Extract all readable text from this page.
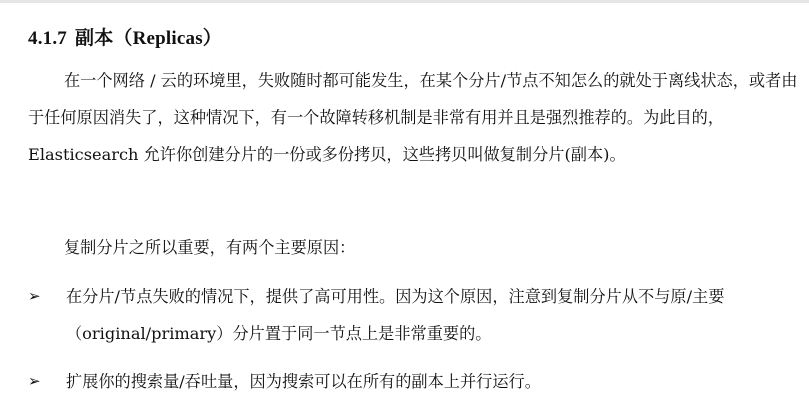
4.1.7 副本（Replicas）

在一个网络 / 云的环境里，失败随时都可能发生，在某个分片/节点不知怎么的就处于离线状态，或者由于任何原因消失了，这种情况下，有一个故障转移机制是非常有用并且是强烈推荐的。为此目的，Elasticsearch 允许你创建分片的一份或多份拷贝，这些拷贝叫做复制分片(副本)。

复制分片之所以重要，有两个主要原因：

➢	在分片/节点失败的情况下，提供了高可用性。因为这个原因，注意到复制分片从不与原/主要（original/primary）分片置于同一节点上是非常重要的。
➢	扩展你的搜索量/吞吐量，因为搜索可以在所有的副本上并行运行。
